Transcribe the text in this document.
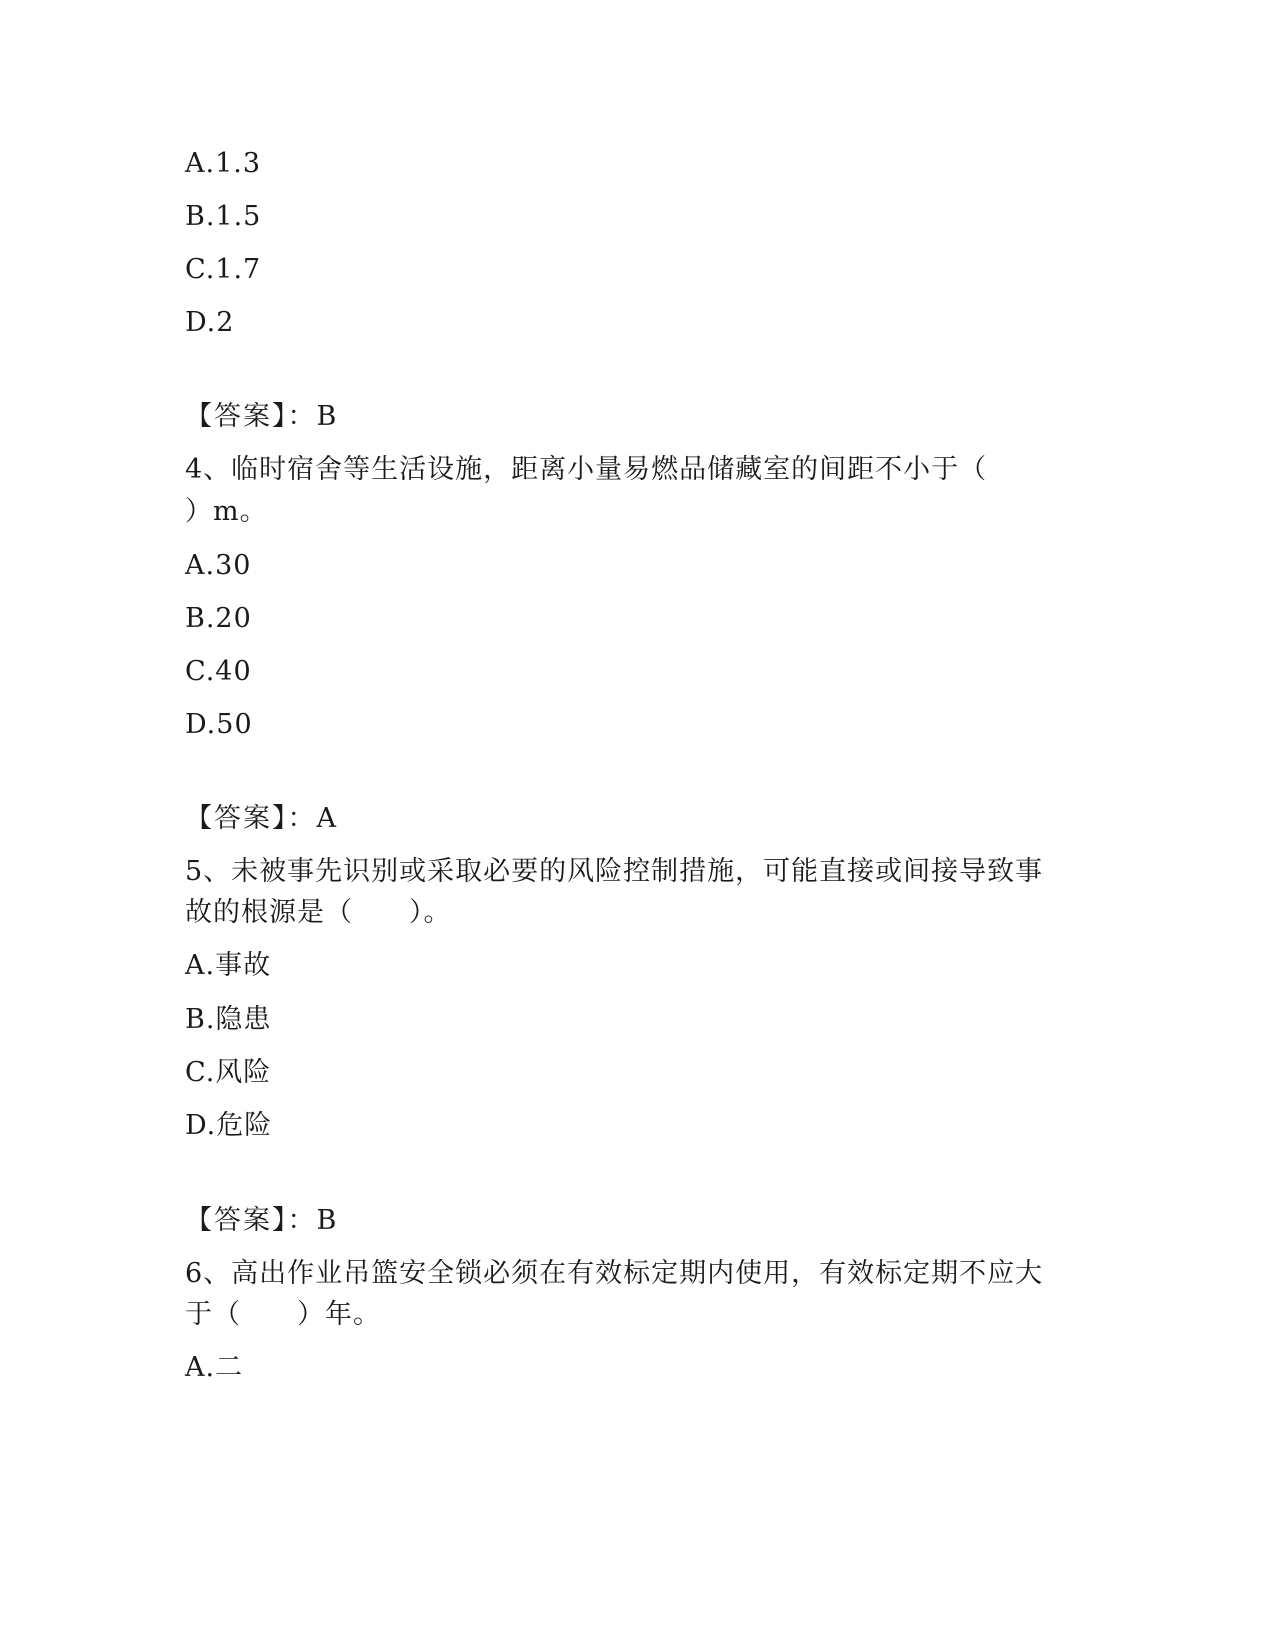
A.1.3
B.1.5
C.1.7
D.2
【答案】：B
4、临时宿舍等生活设施，距离小量易燃品储藏室的间距不小于（
）m。
A.30
B.20
C.40
D.50
【答案】：A
5、未被事先识别或采取必要的风险控制措施，可能直接或间接导致事
故的根源是（　　）。
A.事故
B.隐患
C.风险
D.危险
【答案】：B
6、高出作业吊篮安全锁必须在有效标定期内使用，有效标定期不应大
于（　　）年。
A.二
